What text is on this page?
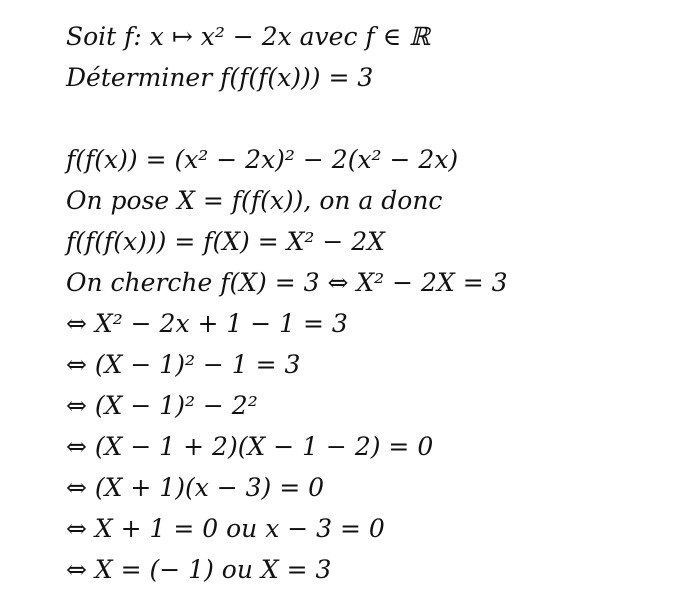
Soit f: x ↦ x² − 2x avec f ∈ ℝ
Déterminer f(f(f(x))) = 3
f(f(x)) = (x² − 2x)² − 2(x² − 2x)
On pose X = f(f(x)), on a donc
f(f(f(x))) = f(X) = X² − 2X
On cherche f(X) = 3 ⇔ X² − 2X = 3
⇔ X² − 2x + 1 − 1 = 3
⇔ (X − 1)² − 1 = 3
⇔ (X − 1)² − 2²
⇔ (X − 1 + 2)(X − 1 − 2) = 0
⇔ (X + 1)(x − 3) = 0
⇔ X + 1 = 0 ou x − 3 = 0
⇔ X = (− 1) ou X = 3
